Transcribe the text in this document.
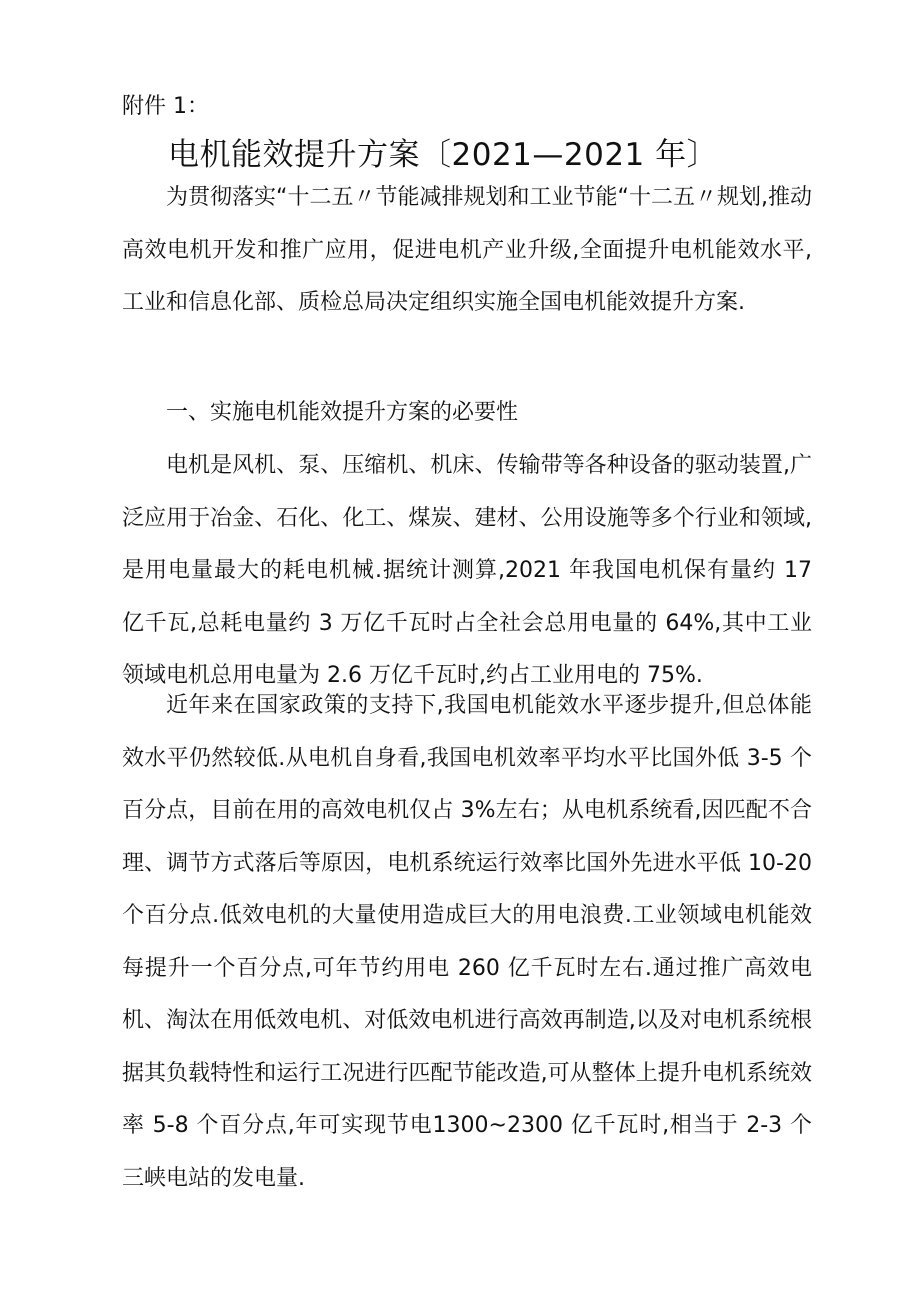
附件 1：
电机能效提升方案〔2021—2021 年〕

为贯彻落实“十二五〃节能减排规划和工业节能“十二五〃规划,推动高效电机开发和推广应用，促进电机产业升级,全面提升电机能效水平,工业和信息化部、质检总局决定组织实施全国电机能效提升方案.

一、实施电机能效提升方案的必要性

电机是风机、泵、压缩机、机床、传输带等各种设备的驱动装置,广泛应用于冶金、石化、化工、煤炭、建材、公用设施等多个行业和领域,是用电量最大的耗电机械.据统计测算,2021 年我国电机保有量约 17 亿千瓦,总耗电量约 3 万亿千瓦时占全社会总用电量的 64%,其中工业领域电机总用电量为 2.6 万亿千瓦时,约占工业用电的 75%.

近年来在国家政策的支持下,我国电机能效水平逐步提升,但总体能效水平仍然较低.从电机自身看,我国电机效率平均水平比国外低 3-5 个百分点，目前在用的高效电机仅占 3%左右；从电机系统看,因匹配不合理、调节方式落后等原因，电机系统运行效率比国外先进水平低 10-20 个百分点.低效电机的大量使用造成巨大的用电浪费.工业领域电机能效每提升一个百分点,可年节约用电 260 亿千瓦时左右.通过推广高效电机、淘汰在用低效电机、对低效电机进行高效再制造,以及对电机系统根据其负载特性和运行工况进行匹配节能改造,可从整体上提升电机系统效率 5-8 个百分点,年可实现节电1300~2300 亿千瓦时,相当于 2-3 个三峡电站的发电量.
